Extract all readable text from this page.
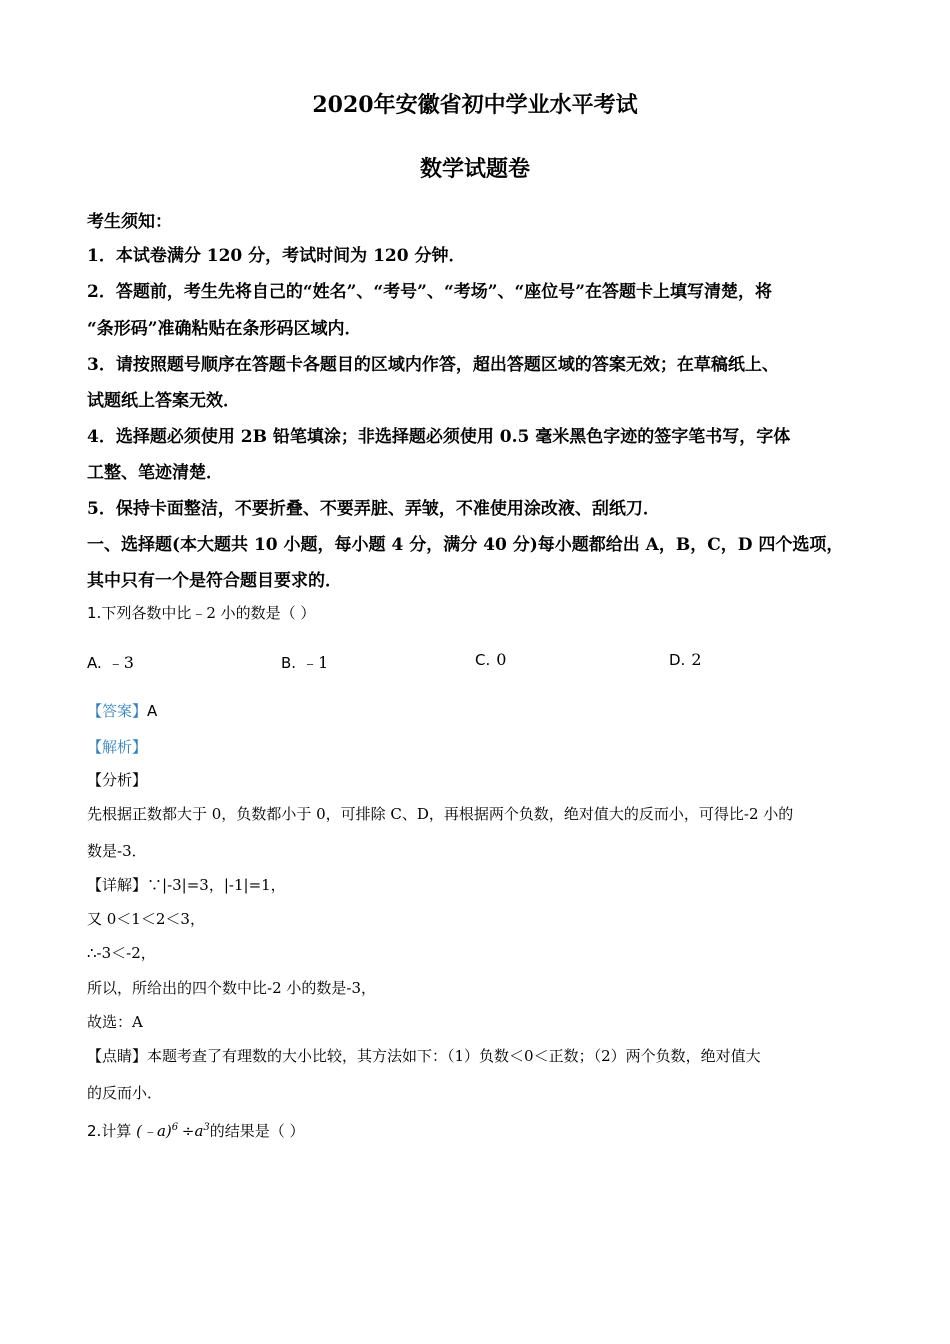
2020年安徽省初中学业水平考试
数学试题卷
考生须知：
1．本试卷满分 120 分，考试时间为 120 分钟．
2．答题前，考生先将自己的“姓名”、“考号”、“考场”、“座位号”在答题卡上填写清楚，将
“条形码”准确粘贴在条形码区域内．
3．请按照题号顺序在答题卡各题目的区域内作答，超出答题区域的答案无效；在草稿纸上、
试题纸上答案无效．
4．选择题必须使用 2B 铅笔填涂；非选择题必须使用 0.5 毫米黑色字迹的签字笔书写，字体
工整、笔迹清楚．
5．保持卡面整洁，不要折叠、不要弄脏、弄皱，不准使用涂改液、刮纸刀．
一、选择题(本大题共 10 小题，每小题 4 分，满分 40 分)每小题都给出 A，B，C，D 四个选项，
其中只有一个是符合题目要求的．
1.下列各数中比﹣2 小的数是（ ）
A. ﹣3	B. ﹣1	C. 0	D. 2
【答案】A
【解析】
【分析】
先根据正数都大于 0，负数都小于 0，可排除 C、D，再根据两个负数，绝对值大的反而小，可得比-2 小的
数是-3．
【详解】∵|-3|=3，|-1|=1，
又 0＜1＜2＜3，
∴-3＜-2，
所以，所给出的四个数中比-2 小的数是-3，
故选：A
【点睛】本题考查了有理数的大小比较，其方法如下：（1）负数＜0＜正数；（2）两个负数，绝对值大
的反而小．
2.计算 (﹣a)$^6$  $\div a^3$的结果是（ ）
